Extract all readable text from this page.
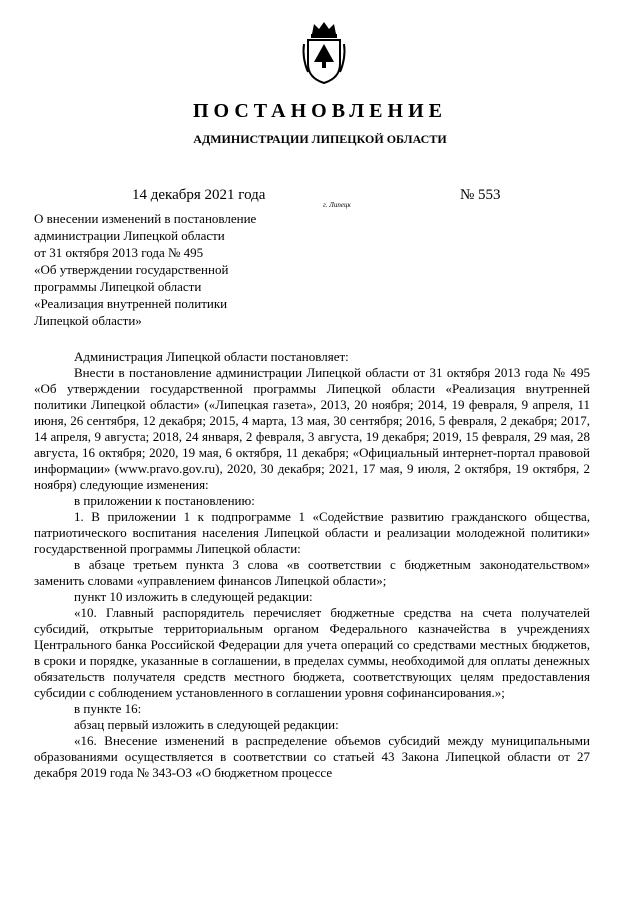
ПОСТАНОВЛЕНИЕ
АДМИНИСТРАЦИИ ЛИПЕЦКОЙ ОБЛАСТИ
14 декабря 2021 года
г. Липецк
№ 553
О внесении изменений в постановление
администрации Липецкой области
от 31 октября 2013 года № 495
«Об утверждении государственной
программы Липецкой области
«Реализация внутренней политики
Липецкой области»

Администрация Липецкой области постановляет:

Внести в постановление администрации Липецкой области от 31 октября 2013 года № 495 «Об утверждении государственной программы Липецкой области «Реализация внутренней политики Липецкой области» («Липецкая газета», 2013, 20 ноября; 2014, 19 февраля, 9 апреля, 11 июня, 26 сентября, 12 декабря; 2015, 4 марта, 13 мая, 30 сентября; 2016, 5 февраля, 2 декабря; 2017, 14 апреля, 9 августа; 2018, 24 января, 2 февраля, 3 августа, 19 декабря; 2019, 15 февраля, 29 мая, 28 августа, 16 октября; 2020, 19 мая, 6 октября, 11 декабря; «Официальный интернет-портал правовой информации» (www.pravo.gov.ru), 2020, 30 декабря; 2021, 17 мая, 9 июля, 2 октября, 19 октября, 2 ноября) следующие изменения:

в приложении к постановлению:

1. В приложении 1 к подпрограмме 1 «Содействие развитию гражданского общества, патриотического воспитания населения Липецкой области и реализации молодежной политики» государственной программы Липецкой области:

в абзаце третьем пункта 3 слова «в соответствии с бюджетным законодательством» заменить словами «управлением финансов Липецкой области»;

пункт 10 изложить в следующей редакции:

«10. Главный распорядитель перечисляет бюджетные средства на счета получателей субсидий, открытые территориальным органом Федерального казначейства в учреждениях Центрального банка Российской Федерации для учета операций со средствами местных бюджетов, в сроки и порядке, указанные в соглашении, в пределах суммы, необходимой для оплаты денежных обязательств получателя средств местного бюджета, соответствующих целям предоставления субсидии с соблюдением установленного в соглашении уровня софинансирования.»;

в пункте 16:

абзац первый изложить в следующей редакции:

«16. Внесение изменений в распределение объемов субсидий между муниципальными образованиями осуществляется в соответствии со статьей 43 Закона Липецкой области от 27 декабря 2019 года № 343-ОЗ «О бюджетном процессе
